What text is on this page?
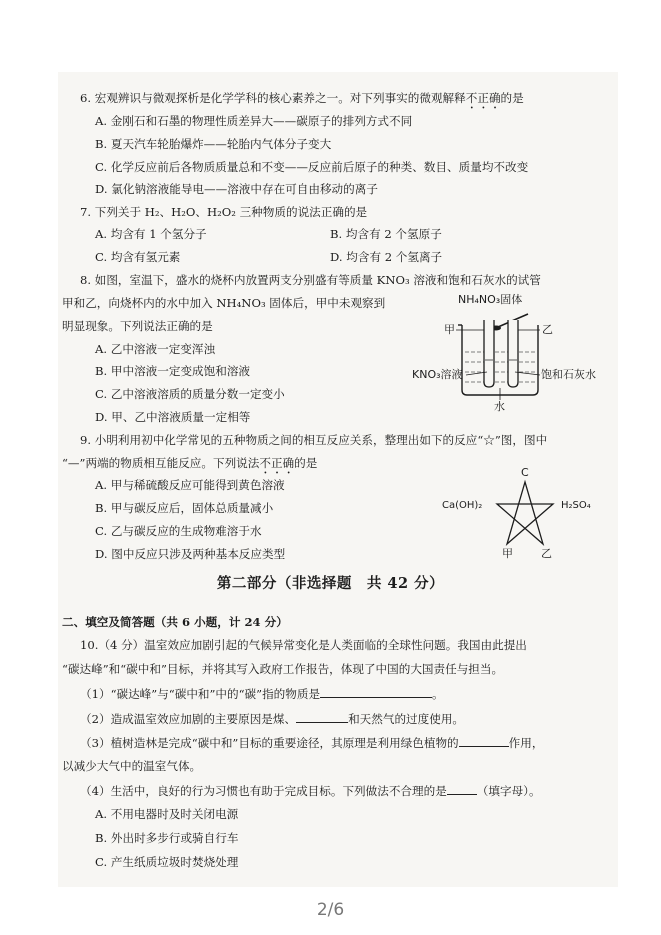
6. 宏观辨识与微观探析是化学学科的核心素养之一。对下列事实的微观解释不正确的是
A. 金刚石和石墨的物理性质差异大——碳原子的排列方式不同
B. 夏天汽车轮胎爆炸——轮胎内气体分子变大
C. 化学反应前后各物质质量总和不变——反应前后原子的种类、数目、质量均不改变
D. 氯化钠溶液能导电——溶液中存在可自由移动的离子
7. 下列关于 H₂、H₂O、H₂O₂ 三种物质的说法正确的是
A. 均含有 1 个氢分子	B. 均含有 2 个氢原子
C. 均含有氢元素	D. 均含有 2 个氢离子
8. 如图，室温下，盛水的烧杯内放置两支分别盛有等质量 KNO₃ 溶液和饱和石灰水的试管
甲和乙，向烧杯内的水中加入 NH₄NO₃ 固体后，甲中未观察到
明显现象。下列说法正确的是
A. 乙中溶液一定变浑浊
B. 甲中溶液一定变成饱和溶液
C. 乙中溶液溶质的质量分数一定变小
D. 甲、乙中溶液质量一定相等
NH₄NO₃固体
甲	乙
KNO₃溶液	饱和石灰水
水
9. 小明利用初中化学常见的五种物质之间的相互反应关系，整理出如下的反应“☆”图，图中
“—”两端的物质相互能反应。下列说法不正确的是
A. 甲与稀硫酸反应可能得到黄色溶液
B. 甲与碳反应后，固体总质量减小
C. 乙与碳反应的生成物难溶于水
D. 图中反应只涉及两种基本反应类型
C
Ca(OH)₂	H₂SO₄
甲	乙
第二部分（非选择题　共 42 分）
二、填空及简答题（共 6 小题，计 24 分）
10.（4 分）温室效应加剧引起的气候异常变化是人类面临的全球性问题。我国由此提出
“碳达峰”和“碳中和”目标，并将其写入政府工作报告，体现了中国的大国责任与担当。
（1）“碳达峰”与“碳中和”中的“碳”指的物质是	。
（2）造成温室效应加剧的主要原因是煤、	和天然气的过度使用。
（3）植树造林是完成“碳中和”目标的重要途径，其原理是利用绿色植物的	作用，
以减少大气中的温室气体。
（4）生活中，良好的行为习惯也有助于完成目标。下列做法不合理的是	（填字母）。
A. 不用电器时及时关闭电源
B. 外出时多步行或骑自行车
C. 产生纸质垃圾时焚烧处理
2/6
